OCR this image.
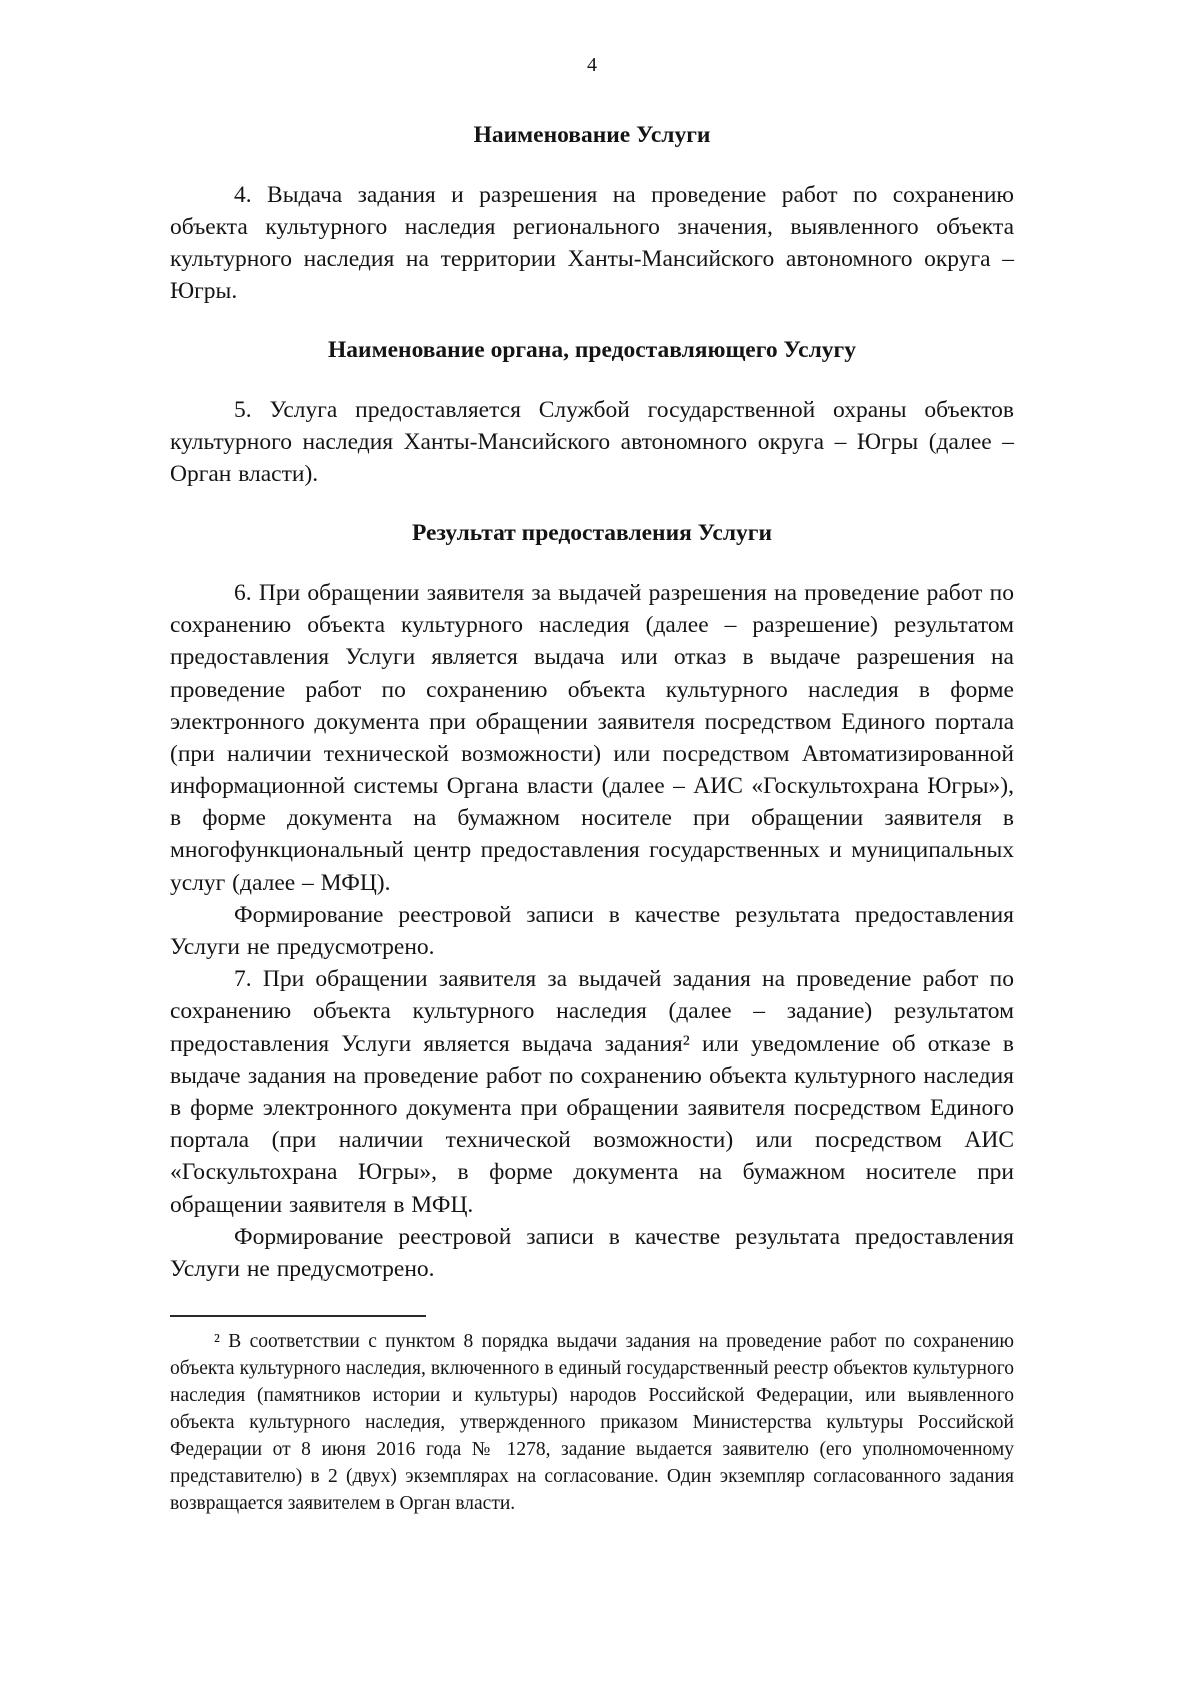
4
Наименование Услуги

4. Выдача задания и разрешения на проведение работ по сохранению объекта культурного наследия регионального значения, выявленного объекта культурного наследия на территории Ханты-Мансийского автономного округа – Югры.

Наименование органа, предоставляющего Услугу

5. Услуга предоставляется Службой государственной охраны объектов культурного наследия Ханты-Мансийского автономного округа – Югры (далее – Орган власти).

Результат предоставления Услуги

6. При обращении заявителя за выдачей разрешения на проведение работ по сохранению объекта культурного наследия (далее – разрешение) результатом предоставления Услуги является выдача или отказ в выдаче разрешения на проведение работ по сохранению объекта культурного наследия в форме электронного документа при обращении заявителя посредством Единого портала (при наличии технической возможности) или посредством Автоматизированной информационной системы Органа власти (далее – АИС «Госкультохрана Югры»), в форме документа на бумажном носителе при обращении заявителя в многофункциональный центр предоставления государственных и муниципальных услуг (далее – МФЦ).

Формирование реестровой записи в качестве результата предоставления Услуги не предусмотрено.

7. При обращении заявителя за выдачей задания на проведение работ по сохранению объекта культурного наследия (далее – задание) результатом предоставления Услуги является выдача задания² или уведомление об отказе в выдаче задания на проведение работ по сохранению объекта культурного наследия в форме электронного документа при обращении заявителя посредством Единого портала (при наличии технической возможности) или посредством АИС «Госкультохрана Югры», в форме документа на бумажном носителе при обращении заявителя в МФЦ.

Формирование реестровой записи в качестве результата предоставления Услуги не предусмотрено.

² В соответствии с пунктом 8 порядка выдачи задания на проведение работ по сохранению объекта культурного наследия, включенного в единый государственный реестр объектов культурного наследия (памятников истории и культуры) народов Российской Федерации, или выявленного объекта культурного наследия, утвержденного приказом Министерства культуры Российской Федерации от 8 июня 2016 года № 1278, задание выдается заявителю (его уполномоченному представителю) в 2 (двух) экземплярах на согласование. Один экземпляр согласованного задания возвращается заявителем в Орган власти.
